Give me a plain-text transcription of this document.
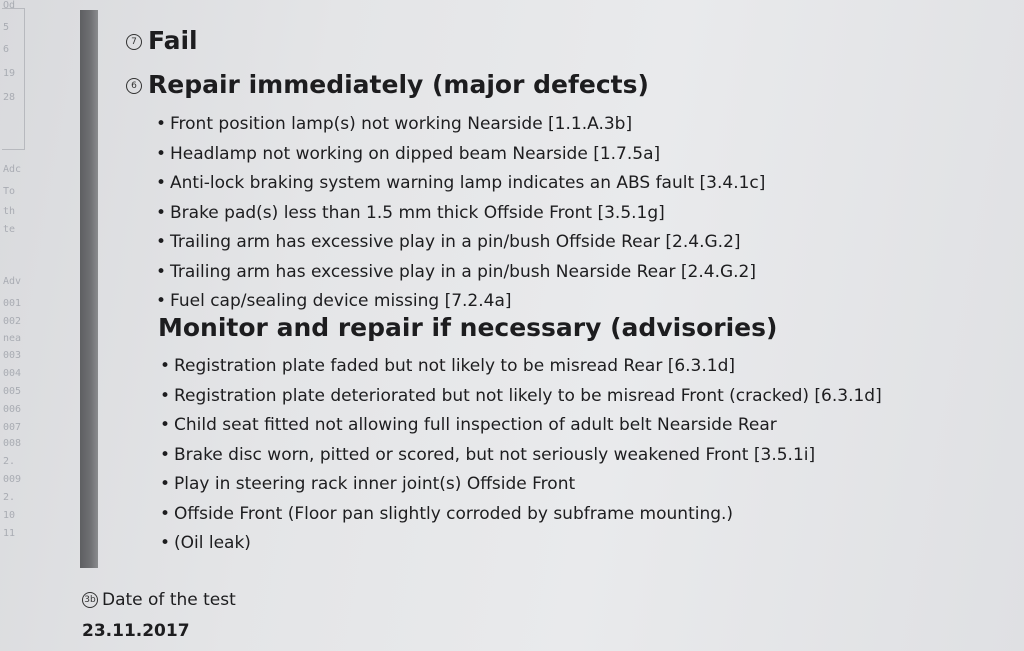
Od
5
6
19
28
Adc
To
th
te
Adv
001
002
nea
003
004
005
006
007
008
2.
009
2.
10
11
7 Fail
6 Repair immediately (major defects)
• Front position lamp(s) not working Nearside [1.1.A.3b]
• Headlamp not working on dipped beam Nearside [1.7.5a]
• Anti-lock braking system warning lamp indicates an ABS fault [3.4.1c]
• Brake pad(s) less than 1.5 mm thick Offside Front [3.5.1g]
• Trailing arm has excessive play in a pin/bush Offside Rear [2.4.G.2]
• Trailing arm has excessive play in a pin/bush Nearside Rear [2.4.G.2]
• Fuel cap/sealing device missing [7.2.4a]
Monitor and repair if necessary (advisories)
• Registration plate faded but not likely to be misread Rear [6.3.1d]
• Registration plate deteriorated but not likely to be misread Front (cracked) [6.3.1d]
• Child seat fitted not allowing full inspection of adult belt Nearside Rear
• Brake disc worn, pitted or scored, but not seriously weakened Front [3.5.1i]
• Play in steering rack inner joint(s) Offside Front
• Offside Front (Floor pan slightly corroded by subframe mounting.)
• (Oil leak)
3b Date of the test
23.11.2017
